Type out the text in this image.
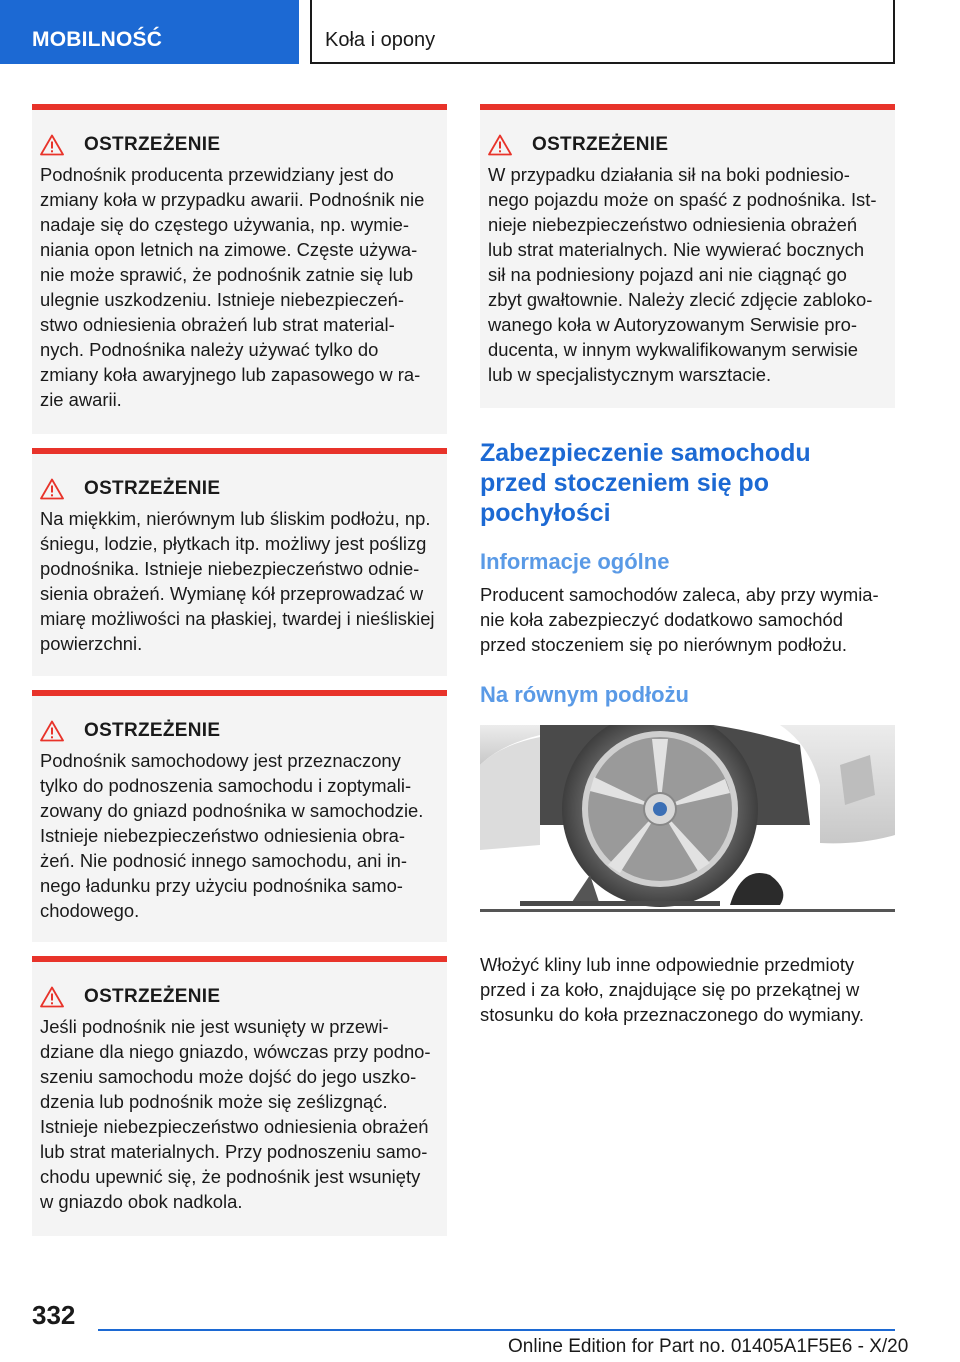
MOBILNOŚĆ	Koła i opony
OSTRZEŻENIE
Podnośnik producenta przewidziany jest do
zmiany koła w przypadku awarii. Podnośnik nie
nadaje się do częstego używania, np. wymie-
niania opon letnich na zimowe. Częste używa-
nie może sprawić, że podnośnik zatnie się lub
ulegnie uszkodzeniu. Istnieje niebezpieczeń-
stwo odniesienia obrażeń lub strat material-
nych. Podnośnika należy używać tylko do
zmiany koła awaryjnego lub zapasowego w ra-
zie awarii.
OSTRZEŻENIE
Na miękkim, nierównym lub śliskim podłożu, np.
śniegu, lodzie, płytkach itp. możliwy jest poślizg
podnośnika. Istnieje niebezpieczeństwo odnie-
sienia obrażeń. Wymianę kół przeprowadzać w
miarę możliwości na płaskiej, twardej i nieśliskiej
powierzchni.
OSTRZEŻENIE
Podnośnik samochodowy jest przeznaczony
tylko do podnoszenia samochodu i zoptymali-
zowany do gniazd podnośnika w samochodzie.
Istnieje niebezpieczeństwo odniesienia obra-
żeń. Nie podnosić innego samochodu, ani in-
nego ładunku przy użyciu podnośnika samo-
chodowego.
OSTRZEŻENIE
Jeśli podnośnik nie jest wsunięty w przewi-
dziane dla niego gniazdo, wówczas przy podno-
szeniu samochodu może dojść do jego uszko-
dzenia lub podnośnik może się ześlizgnąć.
Istnieje niebezpieczeństwo odniesienia obrażeń
lub strat materialnych. Przy podnoszeniu samo-
chodu upewnić się, że podnośnik jest wsunięty
w gniazdo obok nadkola.
OSTRZEŻENIE
W przypadku działania sił na boki podniesio-
nego pojazdu może on spaść z podnośnika. Ist-
nieje niebezpieczeństwo odniesienia obrażeń
lub strat materialnych. Nie wywierać bocznych
sił na podniesiony pojazd ani nie ciągnąć go
zbyt gwałtownie. Należy zlecić zdjęcie zabloko-
wanego koła w Autoryzowanym Serwisie pro-
ducenta, w innym wykwalifikowanym serwisie
lub w specjalistycznym warsztacie.
Zabezpieczenie samochodu
przed stoczeniem się po
pochyłości
Informacje ogólne
Producent samochodów zaleca, aby przy wymia-
nie koła zabezpieczyć dodatkowo samochód
przed stoczeniem się po nierównym podłożu.
Na równym podłożu
Włożyć kliny lub inne odpowiednie przedmioty
przed i za koło, znajdujące się po przekątnej w
stosunku do koła przeznaczonego do wymiany.
332
Online Edition for Part no. 01405A1F5E6 - X/20
